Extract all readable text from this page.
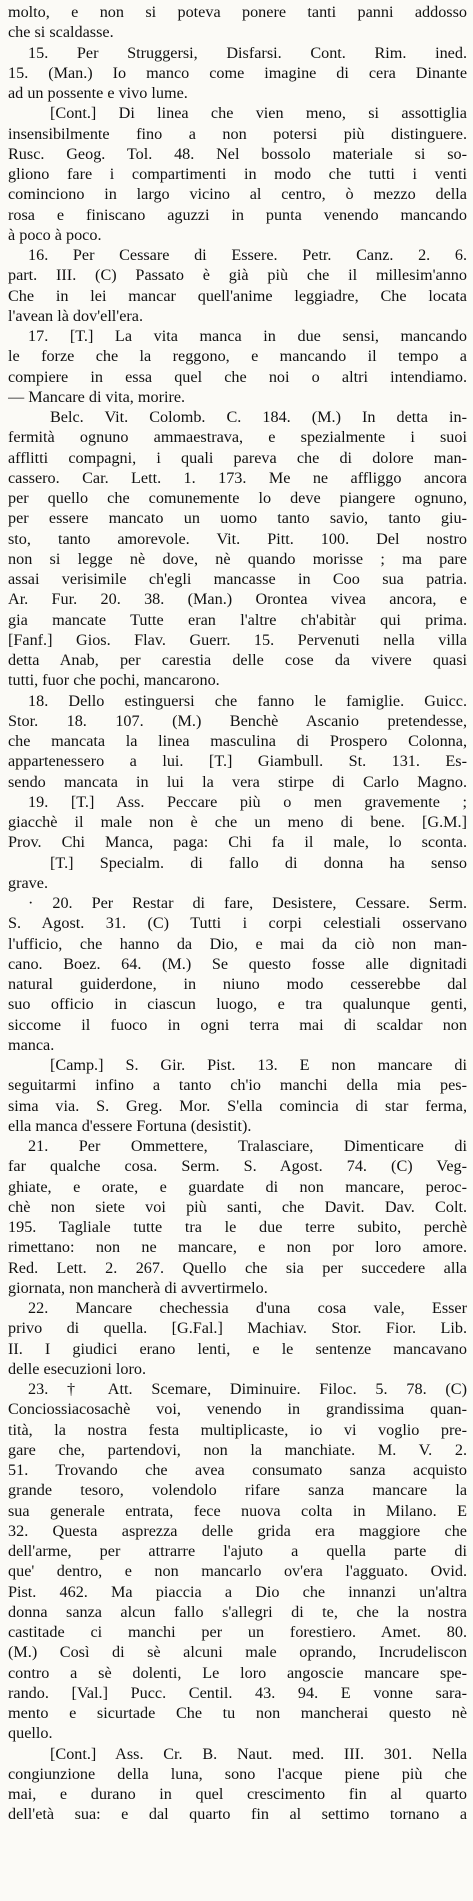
molto, e non si poteva ponere tanti panni addosso
che si scaldasse.
15. Per Struggersi, Disfarsi. Cont. Rim. ined.
15. (Man.) Io manco come imagine di cera Dinante
ad un possente e vivo lume.
[Cont.] Di linea che vien meno, si assottiglia
insensibilmente fino a non potersi più distinguere.
Rusc. Geog. Tol. 48. Nel bossolo materiale si so-
gliono fare i compartimenti in modo che tutti i venti
cominciono in largo vicino al centro, ò mezzo della
rosa e finiscano aguzzi in punta venendo mancando
à poco à poco.
16. Per Cessare di Essere. Petr. Canz. 2. 6.
part. III. (C) Passato è già più che il millesim'anno
Che in lei mancar quell'anime leggiadre, Che locata
l'avean là dov'ell'era.
17. [T.] La vita manca in due sensi, mancando
le forze che la reggono, e mancando il tempo a
compiere in essa quel che noi o altri intendiamo.
— Mancare di vita, morire.
Belc. Vit. Colomb. C. 184. (M.) In detta in-
fermità ognuno ammaestrava, e spezialmente i suoi
afflitti compagni, i quali pareva che di dolore man-
cassero. Car. Lett. 1. 173. Me ne affliggo ancora
per quello che comunemente lo deve piangere ognuno,
per essere mancato un uomo tanto savio, tanto giu-
sto, tanto amorevole. Vit. Pitt. 100. Del nostro
non si legge nè dove, nè quando morisse ; ma pare
assai verisimile ch'egli mancasse in Coo sua patria.
Ar. Fur. 20. 38. (Man.) Orontea vivea ancora, e
gia mancate Tutte eran l'altre ch'abitàr qui prima.
[Fanf.] Gios. Flav. Guerr. 15. Pervenuti nella villa
detta Anab, per carestia delle cose da vivere quasi
tutti, fuor che pochi, mancarono.
18. Dello estinguersi che fanno le famiglie. Guicc.
Stor. 18. 107. (M.) Benchè Ascanio pretendesse,
che mancata la linea masculina di Prospero Colonna,
appartenessero a lui. [T.] Giambull. St. 131. Es-
sendo mancata in lui la vera stirpe di Carlo Magno.
19. [T.] Ass. Peccare più o men gravemente ;
giacchè il male non è che un meno di bene. [G.M.]
Prov. Chi Manca, paga: Chi fa il male, lo sconta.
[T.] Specialm. di fallo di donna ha senso
grave.
· 20. Per Restar di fare, Desistere, Cessare. Serm.
S. Agost. 31. (C) Tutti i corpi celestiali osservano
l'ufficio, che hanno da Dio, e mai da ciò non man-
cano. Boez. 64. (M.) Se questo fosse alle dignitadi
natural guiderdone, in niuno modo cesserebbe dal
suo officio in ciascun luogo, e tra qualunque genti,
siccome il fuoco in ogni terra mai di scaldar non
manca.
[Camp.] S. Gir. Pist. 13. E non mancare di
seguitarmi infino a tanto ch'io manchi della mia pes-
sima via. S. Greg. Mor. S'ella comincia di star ferma,
ella manca d'essere Fortuna (desistit).
21. Per Ommettere, Tralasciare, Dimenticare di
far qualche cosa. Serm. S. Agost. 74. (C) Veg-
ghiate, e orate, e guardate di non mancare, peroc-
chè non siete voi più santi, che Davit. Dav. Colt.
195. Tagliale tutte tra le due terre subito, perchè
rimettano: non ne mancare, e non por loro amore.
Red. Lett. 2. 267. Quello che sia per succedere alla
giornata, non mancherà di avvertirmelo.
22. Mancare chechessia d'una cosa vale, Esser
privo di quella. [G.Fal.] Machiav. Stor. Fior. Lib.
II. I giudici erano lenti, e le sentenze mancavano
delle esecuzioni loro.
23. † Att. Scemare, Diminuire. Filoc. 5. 78. (C)
Conciossiacosachè voi, venendo in grandissima quan-
tità, la nostra festa multiplicaste, io vi voglio pre-
gare che, partendovi, non la manchiate. M. V. 2.
51. Trovando che avea consumato sanza acquisto
grande tesoro, volendolo rifare sanza mancare la
sua generale entrata, fece nuova colta in Milano. E
32. Questa asprezza delle grida era maggiore che
dell'arme, per attrarre l'ajuto a quella parte di
que' dentro, e non mancarlo ov'era l'agguato. Ovid.
Pist. 462. Ma piaccia a Dio che innanzi un'altra
donna sanza alcun fallo s'allegri di te, che la nostra
castitade ci manchi per un forestiero. Amet. 80.
(M.) Così di sè alcuni male oprando, Incrudeliscon
contro a sè dolenti, Le loro angoscie mancare spe-
rando. [Val.] Pucc. Centil. 43. 94. E vonne sara-
mento e sicurtade Che tu non mancherai questo nè
quello.
[Cont.] Ass. Cr. B. Naut. med. III. 301. Nella
congiunzione della luna, sono l'acque piene più che
mai, e durano in quel crescimento fin al quarto
dell'età sua: e dal quarto fin al settimo tornano a
